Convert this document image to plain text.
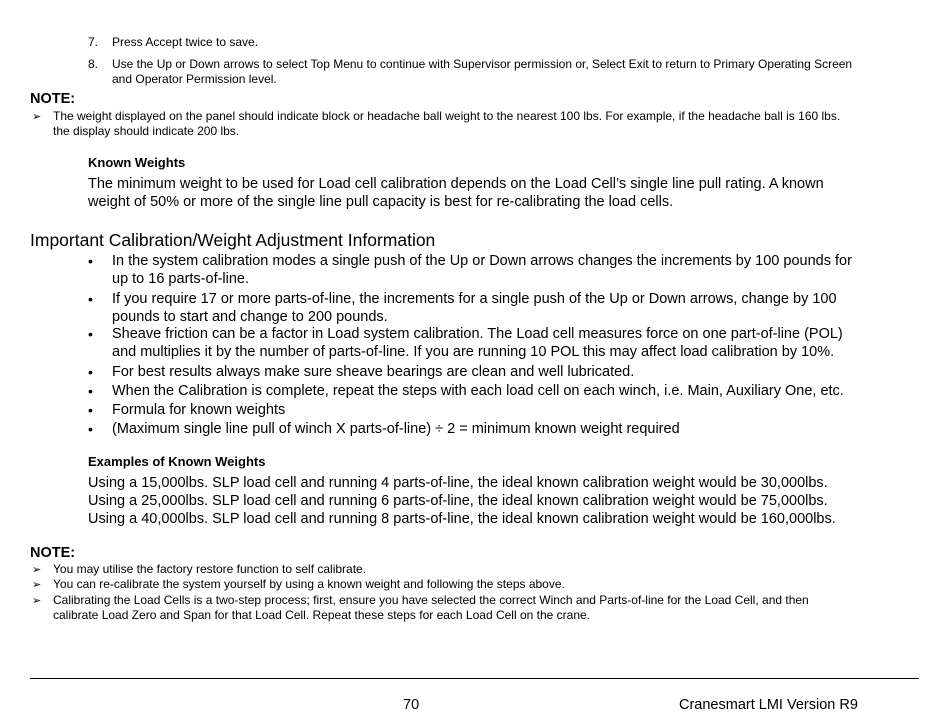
7.	Press Accept twice to save.
8.	Use the Up or Down arrows to select Top Menu to continue with Supervisor permission or, Select Exit to return to Primary Operating Screen
and Operator Permission level.
NOTE:
➢ The weight displayed on the panel should indicate block or headache ball weight to the nearest 100 lbs. For example, if the headache ball is 160 lbs.
the display should indicate 200 lbs.
Known Weights
The minimum weight to be used for Load cell calibration depends on the Load Cell’s single line pull rating. A known
weight of 50% or more of the single line pull capacity is best for re-calibrating the load cells.
Important Calibration/Weight Adjustment Information
• In the system calibration modes a single push of the Up or Down arrows changes the increments by 100 pounds for
up to 16 parts-of-line.
• If you require 17 or more parts-of-line, the increments for a single push of the Up or Down arrows, change by 100
pounds to start and change to 200 pounds.
• Sheave friction can be a factor in Load system calibration. The Load cell measures force on one part-of-line (POL)
and multiplies it by the number of parts-of-line. If you are running 10 POL this may affect load calibration by 10%.
• For best results always make sure sheave bearings are clean and well lubricated.
• When the Calibration is complete, repeat the steps with each load cell on each winch, i.e. Main, Auxiliary One, etc.
• Formula for known weights
• (Maximum single line pull of winch X parts-of-line) ÷ 2 = minimum known weight required
Examples of Known Weights
Using a 15,000lbs. SLP load cell and running 4 parts-of-line, the ideal known calibration weight would be 30,000lbs.
Using a 25,000lbs. SLP load cell and running 6 parts-of-line, the ideal known calibration weight would be 75,000lbs.
Using a 40,000lbs. SLP load cell and running 8 parts-of-line, the ideal known calibration weight would be 160,000lbs.
NOTE:
➢ You may utilise the factory restore function to self calibrate.
➢ You can re-calibrate the system yourself by using a known weight and following the steps above.
➢ Calibrating the Load Cells is a two-step process; first, ensure you have selected the correct Winch and Parts-of-line for the Load Cell, and then
calibrate Load Zero and Span for that Load Cell. Repeat these steps for each Load Cell on the crane.
70	Cranesmart LMI Version R9
